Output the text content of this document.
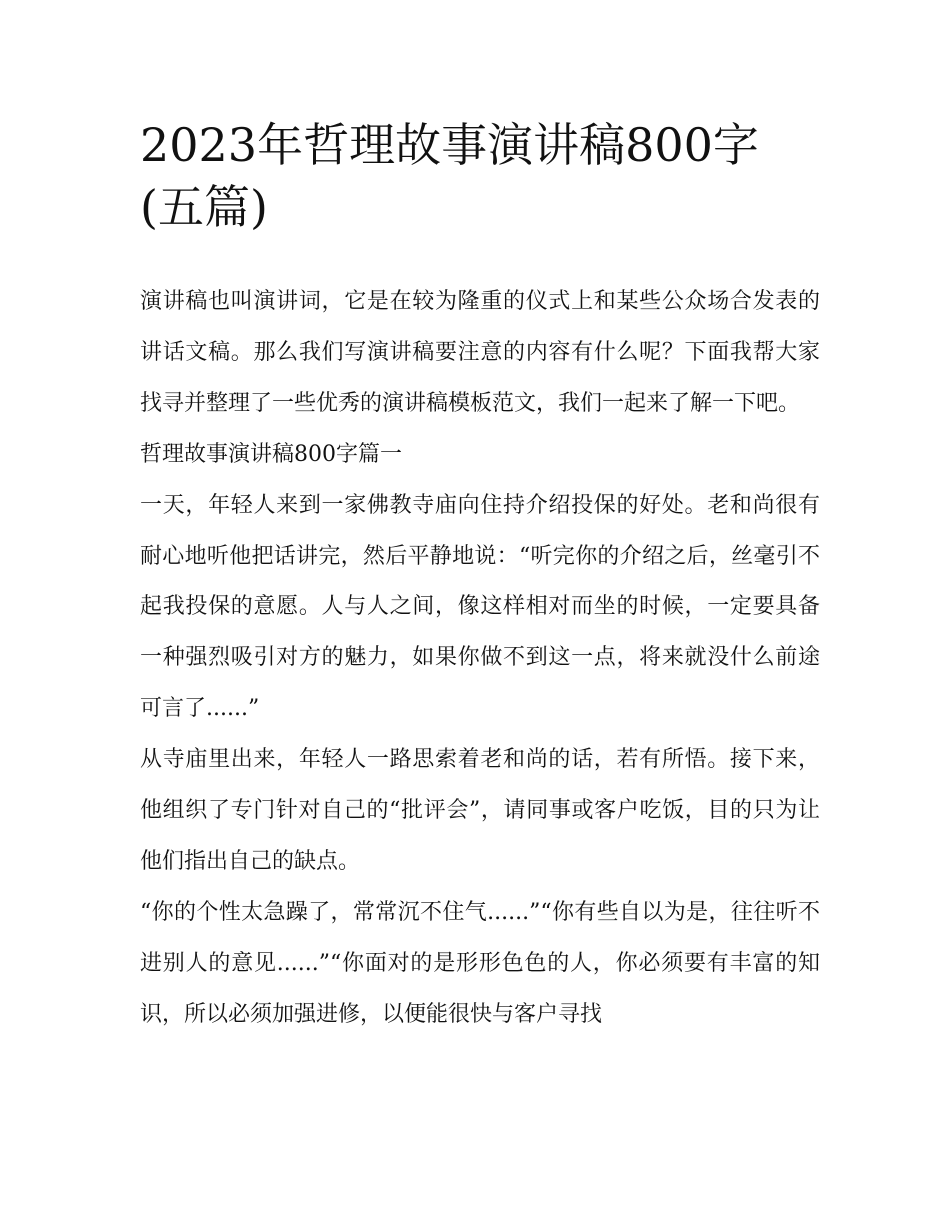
2023年哲理故事演讲稿800字(五篇)

演讲稿也叫演讲词，它是在较为隆重的仪式上和某些公众场合发表的讲话文稿。那么我们写演讲稿要注意的内容有什么呢？下面我帮大家找寻并整理了一些优秀的演讲稿模板范文，我们一起来了解一下吧。

哲理故事演讲稿800字篇一

一天，年轻人来到一家佛教寺庙向住持介绍投保的好处。老和尚很有耐心地听他把话讲完，然后平静地说：“听完你的介绍之后，丝毫引不起我投保的意愿。人与人之间，像这样相对而坐的时候，一定要具备一种强烈吸引对方的魅力，如果你做不到这一点，将来就没什么前途可言了......”

从寺庙里出来，年轻人一路思索着老和尚的话，若有所悟。接下来，他组织了专门针对自己的“批评会”，请同事或客户吃饭，目的只为让他们指出自己的缺点。

“你的个性太急躁了，常常沉不住气......”“你有些自以为是，往往听不进别人的意见......”“你面对的是形形色色的人，你必须要有丰富的知识，所以必须加强进修，以便能很快与客户寻找
